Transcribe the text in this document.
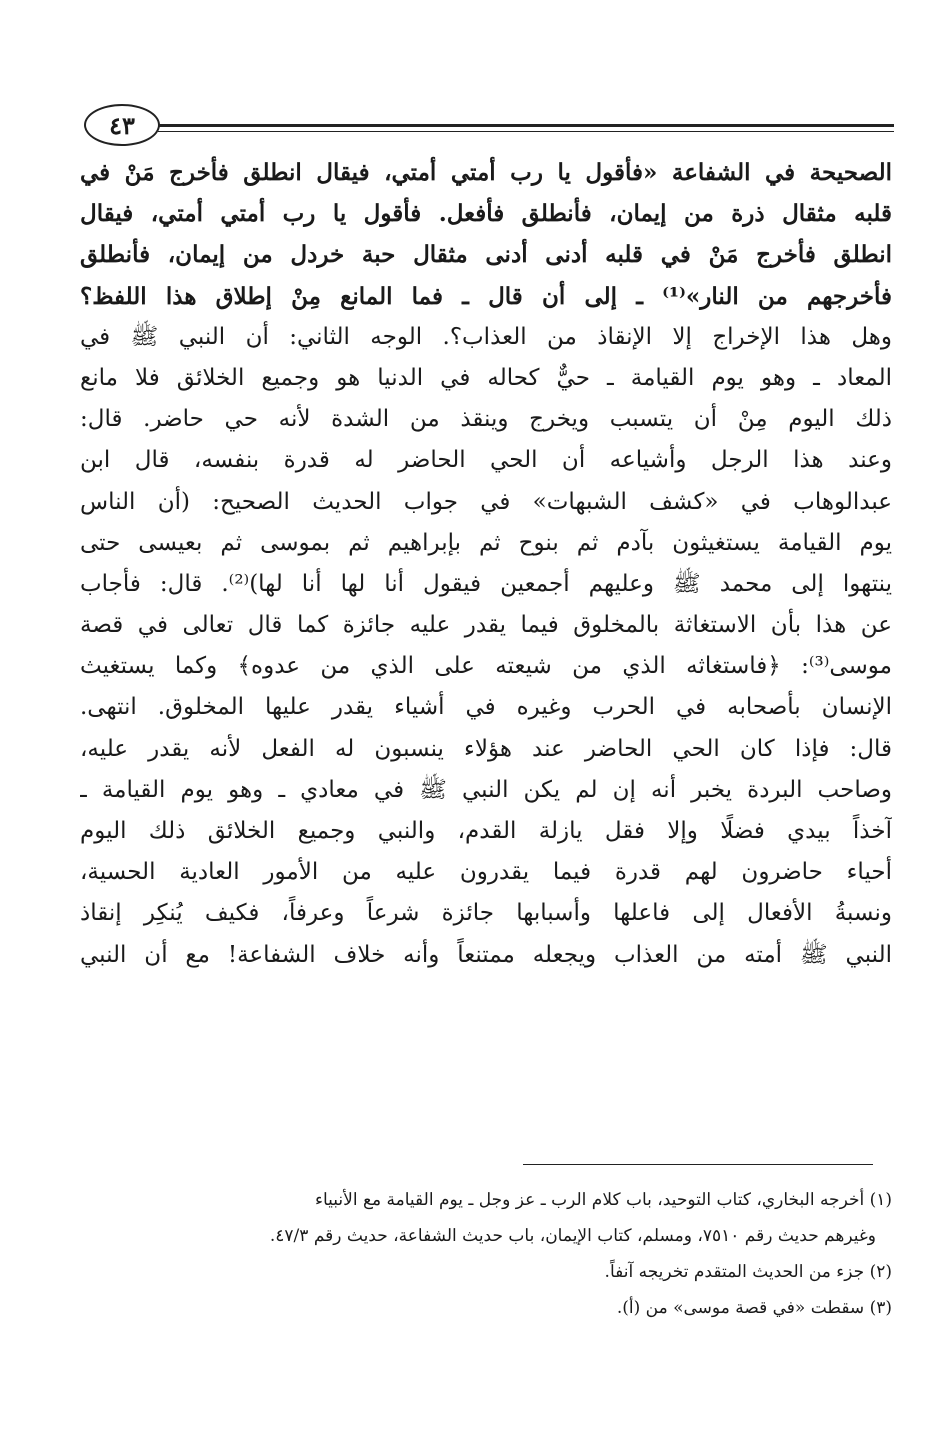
٤٣
الصحيحة في الشفاعة «فأقول يا رب أمتي أمتي، فيقال انطلق فأخرج مَنْ في
قلبه مثقال ذرة من إيمان، فأنطلق فأفعل. فأقول يا رب أمتي أمتي، فيقال
انطلق فأخرج مَنْ في قلبه أدنى أدنى مثقال حبة خردل من إيمان، فأنطلق
فأخرجهم من النار»⁽¹⁾ ـ إلى أن قال ـ فما المانع مِنْ إطلاق هذا اللفظ؟
وهل هذا الإخراج إلا الإنقاذ من العذاب؟. الوجه الثاني: أن النبي ﷺ في
المعاد ـ وهو يوم القيامة ـ حيٌّ كحاله في الدنيا هو وجميع الخلائق فلا مانع
ذلك اليوم مِنْ أن يتسبب ويخرج وينقذ من الشدة لأنه حي حاضر. قال:
وعند هذا الرجل وأشياعه أن الحي الحاضر له قدرة بنفسه، قال ابن
عبدالوهاب في «كشف الشبهات» في جواب الحديث الصحيح: (أن الناس
يوم القيامة يستغيثون بآدم ثم بنوح ثم بإبراهيم ثم بموسى ثم بعيسى حتى
ينتهوا إلى محمد ﷺ وعليهم أجمعين فيقول أنا لها أنا لها)⁽²⁾. قال: فأجاب
عن هذا بأن الاستغاثة بالمخلوق فيما يقدر عليه جائزة كما قال تعالى في قصة
موسى⁽³⁾: ﴿فاستغاثه الذي من شيعته على الذي من عدوه﴾ وكما يستغيث
الإنسان بأصحابه في الحرب وغيره في أشياء يقدر عليها المخلوق. انتهى.
قال: فإذا كان الحي الحاضر عند هؤلاء ينسبون له الفعل لأنه يقدر عليه،
وصاحب البردة يخبر أنه إن لم يكن النبي ﷺ في معادي ـ وهو يوم القيامة ـ
آخذاً بيدي فضلًا وإلا فقل يازلة القدم، والنبي وجميع الخلائق ذلك اليوم
أحياء حاضرون لهم قدرة فيما يقدرون عليه من الأمور العادية الحسية،
ونسبةُ الأفعال إلى فاعلها وأسبابها جائزة شرعاً وعرفاً، فكيف يُنكِر إنقاذ
النبي ﷺ أمته من العذاب ويجعله ممتنعاً وأنه خلاف الشفاعة! مع أن النبي
(١) أخرجه البخاري، كتاب التوحيد، باب كلام الرب ـ عز وجل ـ يوم القيامة مع الأنبياء
وغيرهم حديث رقم ٧٥١٠، ومسلم، كتاب الإيمان، باب حديث الشفاعة، حديث رقم ٤٧/٣.
(٢) جزء من الحديث المتقدم تخريجه آنفاً.
(٣) سقطت «في قصة موسى» من (أ).
